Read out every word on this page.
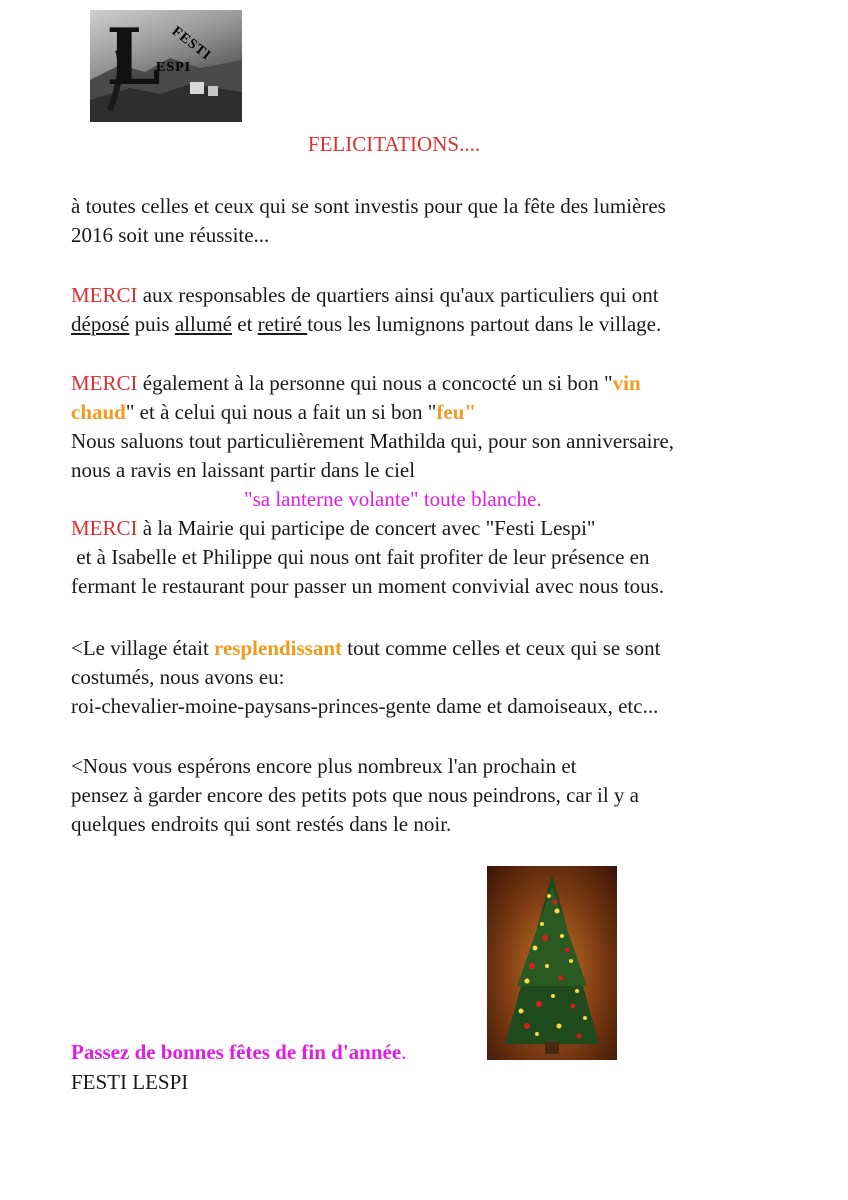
L FESTI
ESPI
FELICITATIONS....
à toutes celles et ceux qui se sont investis pour que la fête des lumières
2016 soit une réussite...
MERCI aux responsables de quartiers ainsi qu'aux particuliers qui ont
déposé puis allumé et retiré tous les lumignons partout dans le village.
MERCI également à la personne qui nous a concocté un si bon "vin
chaud" et à celui qui nous a fait un si bon "feu"
Nous saluons tout particulièrement Mathilda qui, pour son anniversaire,
nous a ravis en laissant partir dans le ciel
"sa lanterne volante" toute blanche.
MERCI à la Mairie qui participe de concert avec "Festi Lespi"
et à Isabelle et Philippe qui nous ont fait profiter de leur présence en
fermant le restaurant pour passer un moment convivial avec nous tous.
<Le village était resplendissant tout comme celles et ceux qui se sont
costumés, nous avons eu:
roi-chevalier-moine-paysans-princes-gente dame et damoiseaux, etc...
<Nous vous espérons encore plus nombreux l'an prochain et
pensez à garder encore des petits pots que nous peindrons, car il y a
quelques endroits qui sont restés dans le noir.
Passez de bonnes fêtes de fin d'année.
FESTI LESPI
